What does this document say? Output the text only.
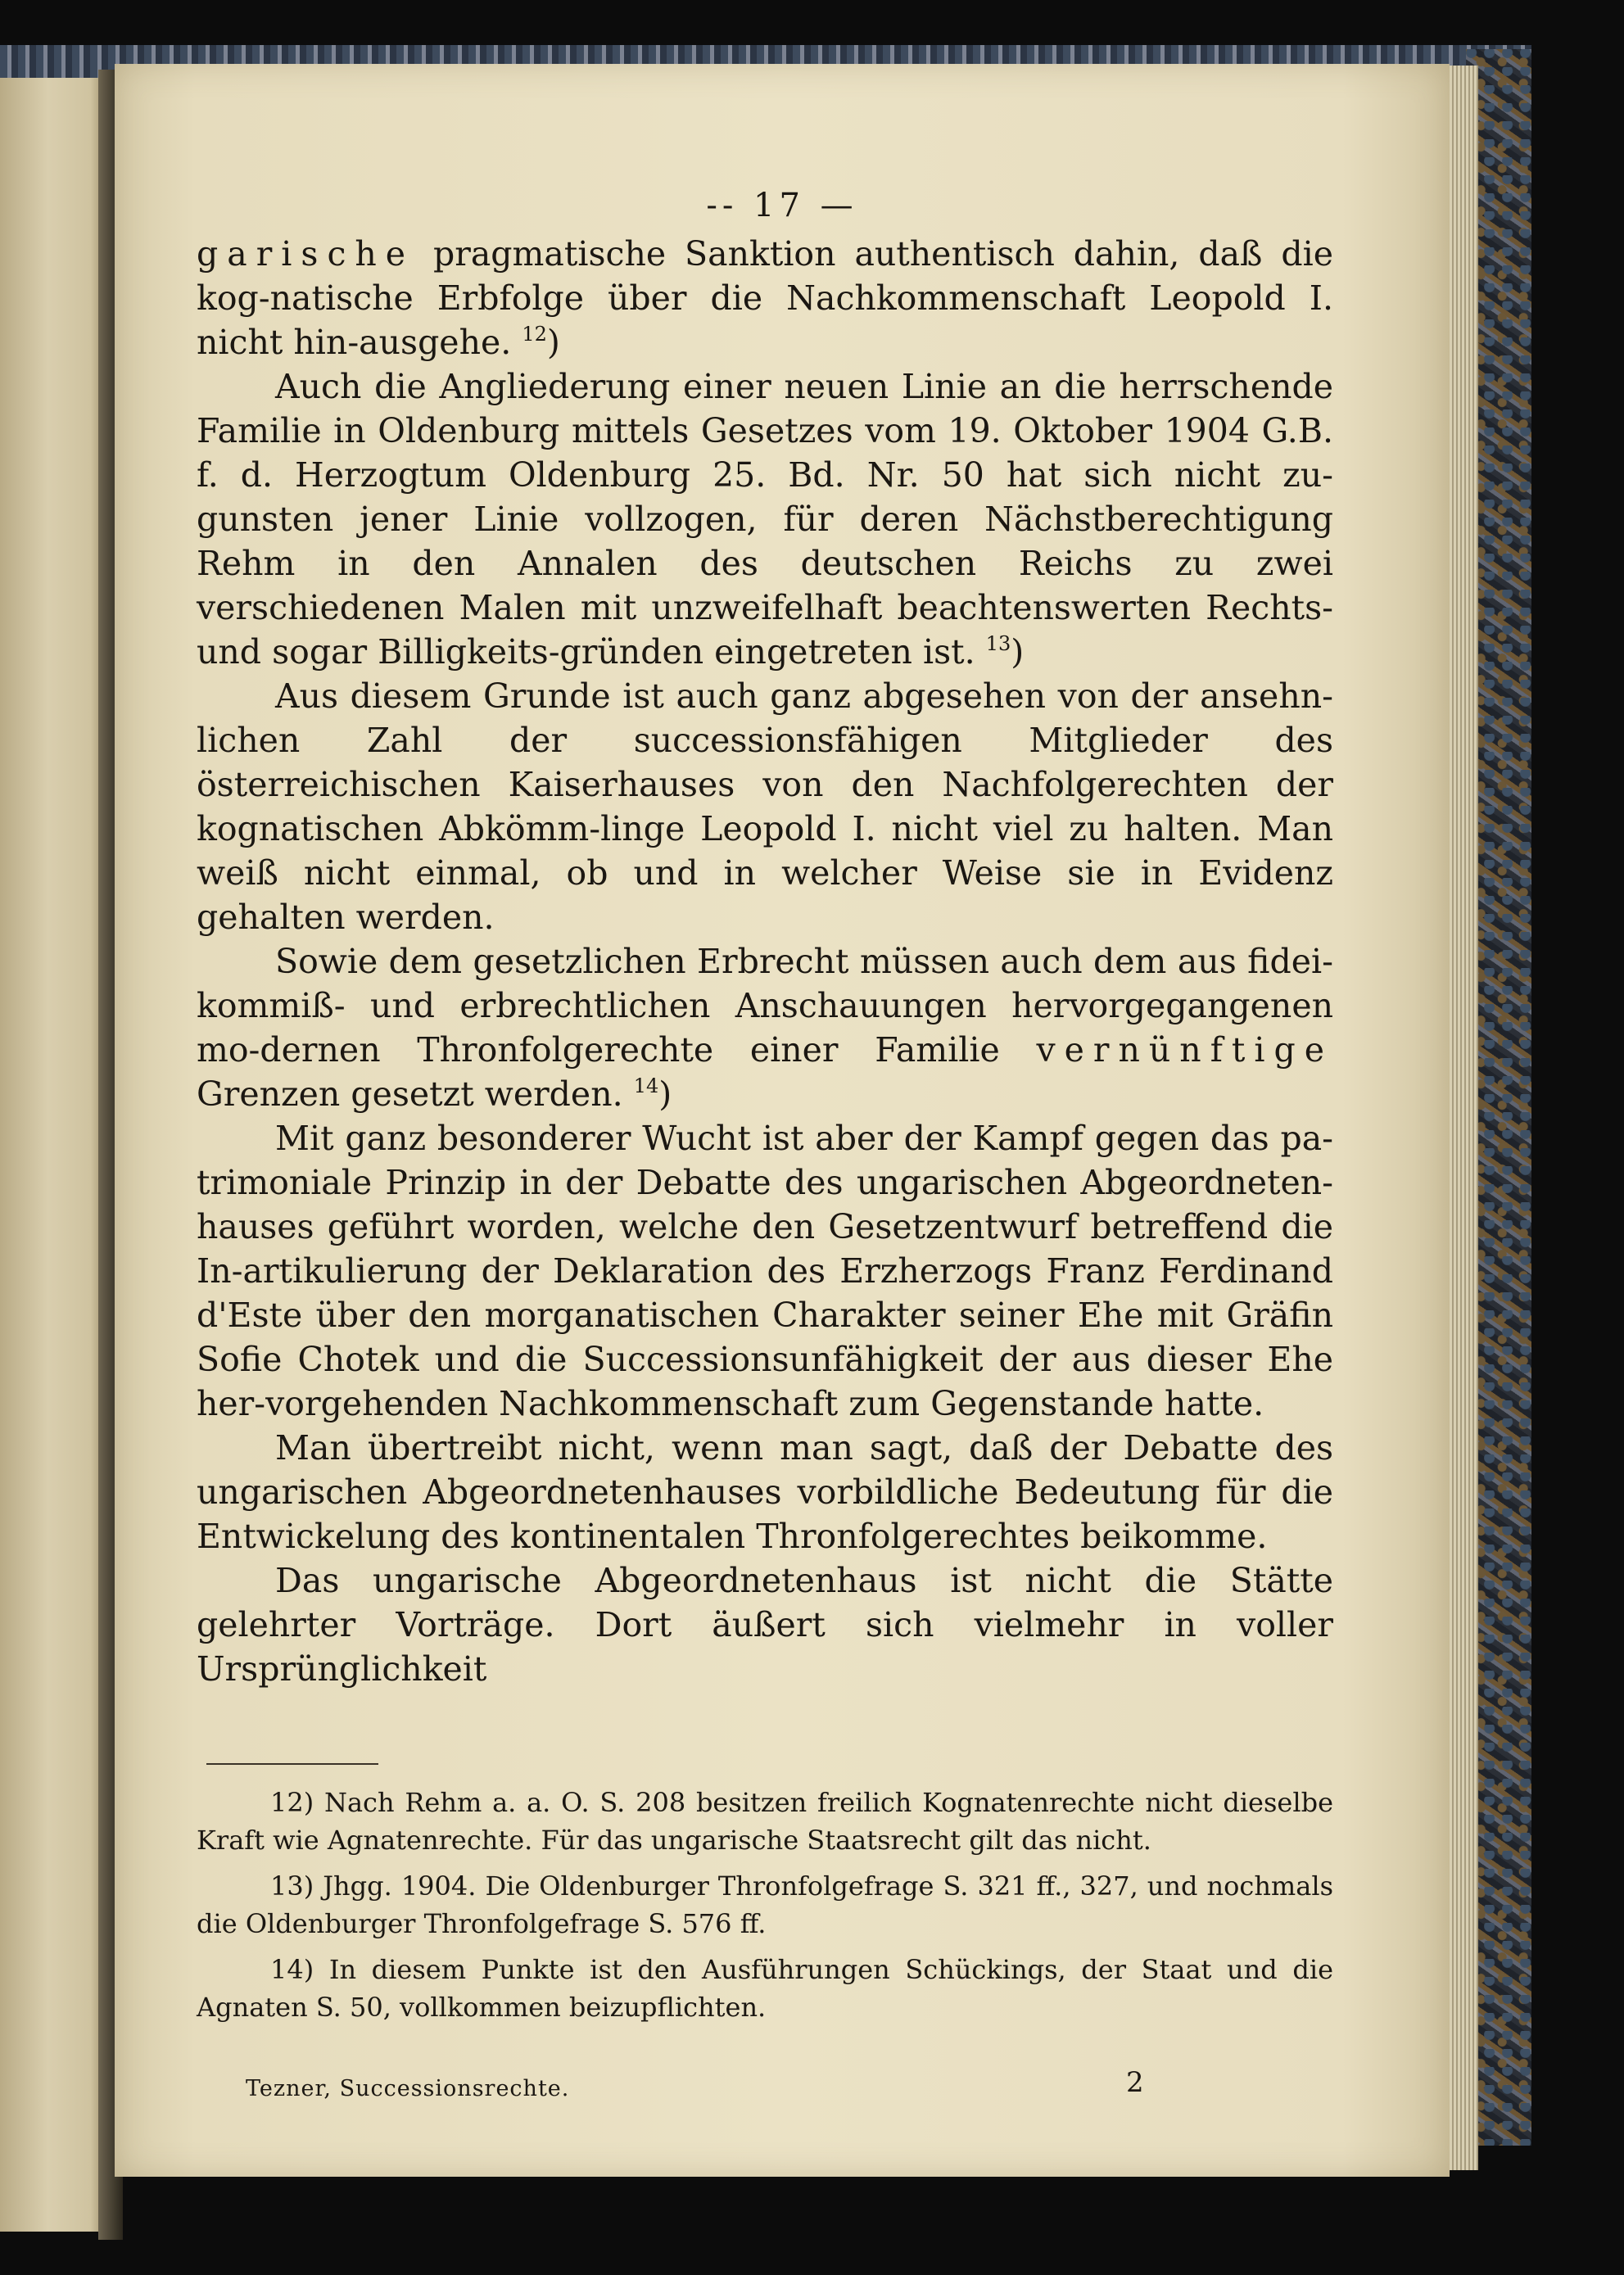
-- 17 —

garische pragmatische Sanktion authentisch dahin, daß die kog-natische Erbfolge über die Nachkommenschaft Leopold I. nicht hin-ausgehe. $^{12}$)

Auch die Angliederung einer neuen Linie an die herrschende Familie in Oldenburg mittels Gesetzes vom 19. Oktober 1904 G.B. f. d. Herzogtum Oldenburg 25. Bd. Nr. 50 hat sich nicht zu-gunsten jener Linie vollzogen, für deren Nächstberechtigung Rehm in den Annalen des deutschen Reichs zu zwei verschiedenen Malen mit unzweifelhaft beachtenswerten Rechts- und sogar Billigkeits-gründen eingetreten ist. $^{13}$)

Aus diesem Grunde ist auch ganz abgesehen von der ansehn-lichen Zahl der successionsfähigen Mitglieder des österreichischen Kaiserhauses von den Nachfolgerechten der kognatischen Abkömm-linge Leopold I. nicht viel zu halten. Man weiß nicht einmal, ob und in welcher Weise sie in Evidenz gehalten werden.

Sowie dem gesetzlichen Erbrecht müssen auch dem aus fidei-kommiß- und erbrechtlichen Anschauungen hervorgegangenen mo-dernen Thronfolgerechte einer Familie vernünftige Grenzen gesetzt werden. $^{14}$)

Mit ganz besonderer Wucht ist aber der Kampf gegen das pa-trimoniale Prinzip in der Debatte des ungarischen Abgeordneten-hauses geführt worden, welche den Gesetzentwurf betreffend die In-artikulierung der Deklaration des Erzherzogs Franz Ferdinand d'Este über den morganatischen Charakter seiner Ehe mit Gräfin Sofie Chotek und die Successionsunfähigkeit der aus dieser Ehe her-vorgehenden Nachkommenschaft zum Gegenstande hatte.

Man übertreibt nicht, wenn man sagt, daß der Debatte des ungarischen Abgeordnetenhauses vorbildliche Bedeutung für die Entwickelung des kontinentalen Thronfolgerechtes beikomme.

Das ungarische Abgeordnetenhaus ist nicht die Stätte gelehrter Vorträge. Dort äußert sich vielmehr in voller Ursprünglichkeit

12) Nach Rehm a. a. O. S. 208 besitzen freilich Kognatenrechte nicht dieselbe Kraft wie Agnatenrechte. Für das ungarische Staatsrecht gilt das nicht.

13) Jhgg. 1904. Die Oldenburger Thronfolgefrage S. 321 ff., 327, und nochmals die Oldenburger Thronfolgefrage S. 576 ff.

14) In diesem Punkte ist den Ausführungen Schückings, der Staat und die Agnaten S. 50, vollkommen beizupflichten.

Tezner, Successionsrechte.	2
